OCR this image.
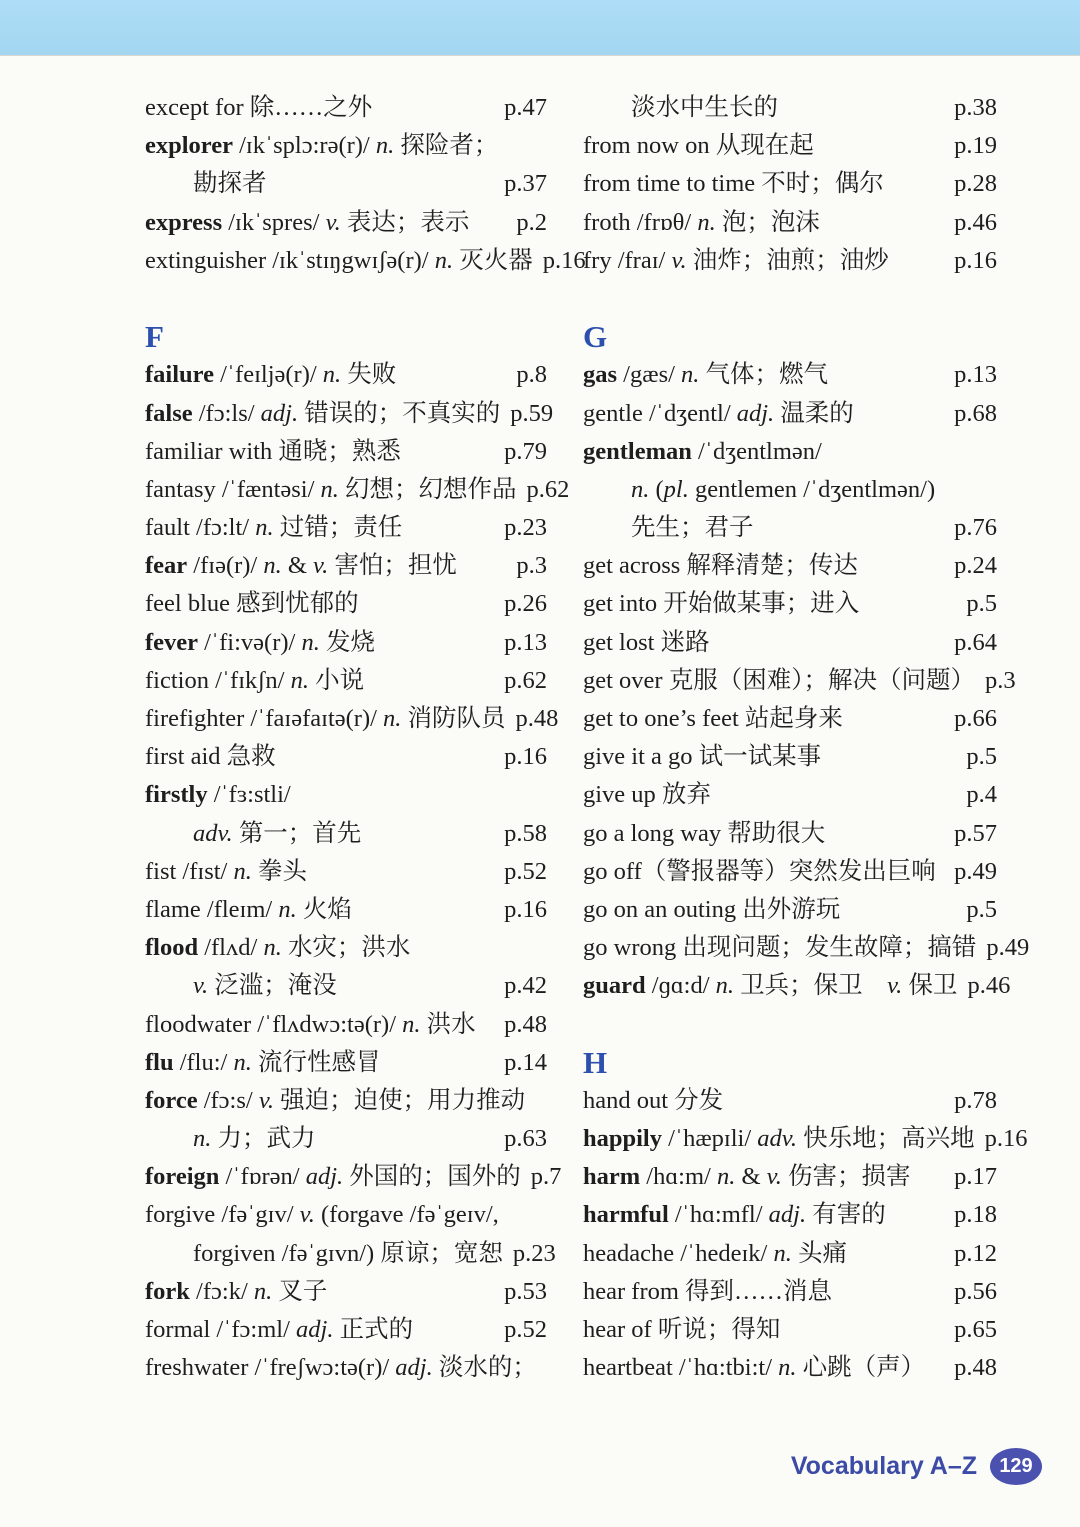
except for 除……之外	p.47
explorer /ɪkˈsplɔ:rə(r)/ n. 探险者；
勘探者	p.37
express /ɪkˈspres/ v. 表达；表示 p.2
extinguisher /ɪkˈstɪŋgwɪʃə(r)/ n. 灭火器 p.16
F
failure /ˈfeɪljə(r)/ n. 失败	p.8
false /fɔ:ls/ adj. 错误的；不真实的 p.59
familiar with 通晓；熟悉	p.79
fantasy /ˈfæntəsi/ n. 幻想；幻想作品 p.62
fault /fɔ:lt/ n. 过错；责任	p.23
fear /fɪə(r)/ n. & v. 害怕；担忧 p.3
feel blue 感到忧郁的	p.26
fever /ˈfi:və(r)/ n. 发烧	p.13
fiction /ˈfɪkʃn/ n. 小说	p.62
firefighter /ˈfaɪəfaɪtə(r)/ n. 消防队员 p.48
first aid 急救	p.16
firstly /ˈfɜ:stli/
adv. 第一；首先	p.58
fist /fɪst/ n. 拳头	p.52
flame /fleɪm/ n. 火焰	p.16
flood /flʌd/ n. 水灾；洪水
v. 泛滥；淹没	p.42
floodwater /ˈflʌdwɔ:tə(r)/ n. 洪水 p.48
flu /flu:/ n. 流行性感冒	p.14
force /fɔ:s/ v. 强迫；迫使；用力推动
n. 力；武力	p.63
foreign /ˈfɒrən/ adj. 外国的；国外的 p.7
forgive /fəˈgɪv/ v. (forgave /fəˈgeɪv/,
forgiven /fəˈgɪvn/) 原谅；宽恕 p.23
fork /fɔ:k/ n. 叉子	p.53
formal /ˈfɔ:ml/ adj. 正式的	p.52
freshwater /ˈfreʃwɔ:tə(r)/ adj. 淡水的；
淡水中生长的	p.38
from now on 从现在起	p.19
from time to time 不时；偶尔	p.28
froth /frɒθ/ n. 泡；泡沫	p.46
fry /fraɪ/ v. 油炸；油煎；油炒	p.16
G
gas /gæs/ n. 气体；燃气	p.13
gentle /ˈdʒentl/ adj. 温柔的	p.68
gentleman /ˈdʒentlmən/
n. (pl. gentlemen /ˈdʒentlmən/)
先生；君子	p.76
get across 解释清楚；传达	p.24
get into 开始做某事；进入	p.5
get lost 迷路	p.64
get over 克服（困难）；解决（问题） p.3
get to one’s feet 站起身来	p.66
give it a go 试一试某事	p.5
give up 放弃	p.4
go a long way 帮助很大	p.57
go off（警报器等）突然发出巨响 p.49
go on an outing 出外游玩	p.5
go wrong 出现问题；发生故障；搞错 p.49
guard /ɡɑ:d/ n. 卫兵；保卫　v. 保卫 p.46
H
hand out 分发	p.78
happily /ˈhæpɪli/ adv. 快乐地；高兴地 p.16
harm /hɑ:m/ n. & v. 伤害；损害 p.17
harmful /ˈhɑ:mfl/ adj. 有害的	p.18
headache /ˈhedeɪk/ n. 头痛	p.12
hear from 得到……消息	p.56
hear of 听说；得知	p.65
heartbeat /ˈhɑ:tbi:t/ n. 心跳（声） p.48
Vocabulary A–Z	129
